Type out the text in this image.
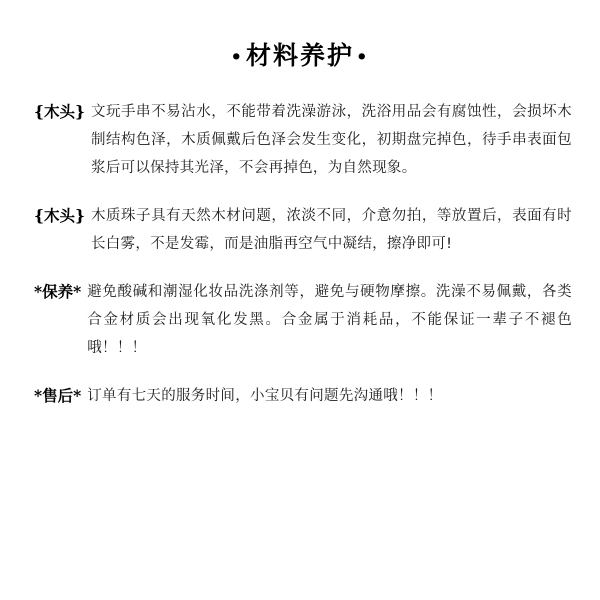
•材料养护 •
{木头} 文玩手串不易沾水，不能带着洗澡游泳，洗浴用品会有腐蚀性，会损坏木制结构色泽，木质佩戴后色泽会发生变化，初期盘完掉色，待手串表面包浆后可以保持其光泽，不会再掉色，为自然现象。
{木头} 木质珠子具有天然木材问题，浓淡不同，介意勿拍，等放置后，表面有时长白雾，不是发霉，而是油脂再空气中凝结，擦净即可!
*保养* 避免酸碱和潮湿化妆品洗涤剂等，避免与硬物摩擦。洗澡不易佩戴，各类合金材质会出现氧化发黑。合金属于消耗品，不能保证一辈子不褪色哦！！！
*售后* 订单有七天的服务时间，小宝贝有问题先沟通哦！！！
